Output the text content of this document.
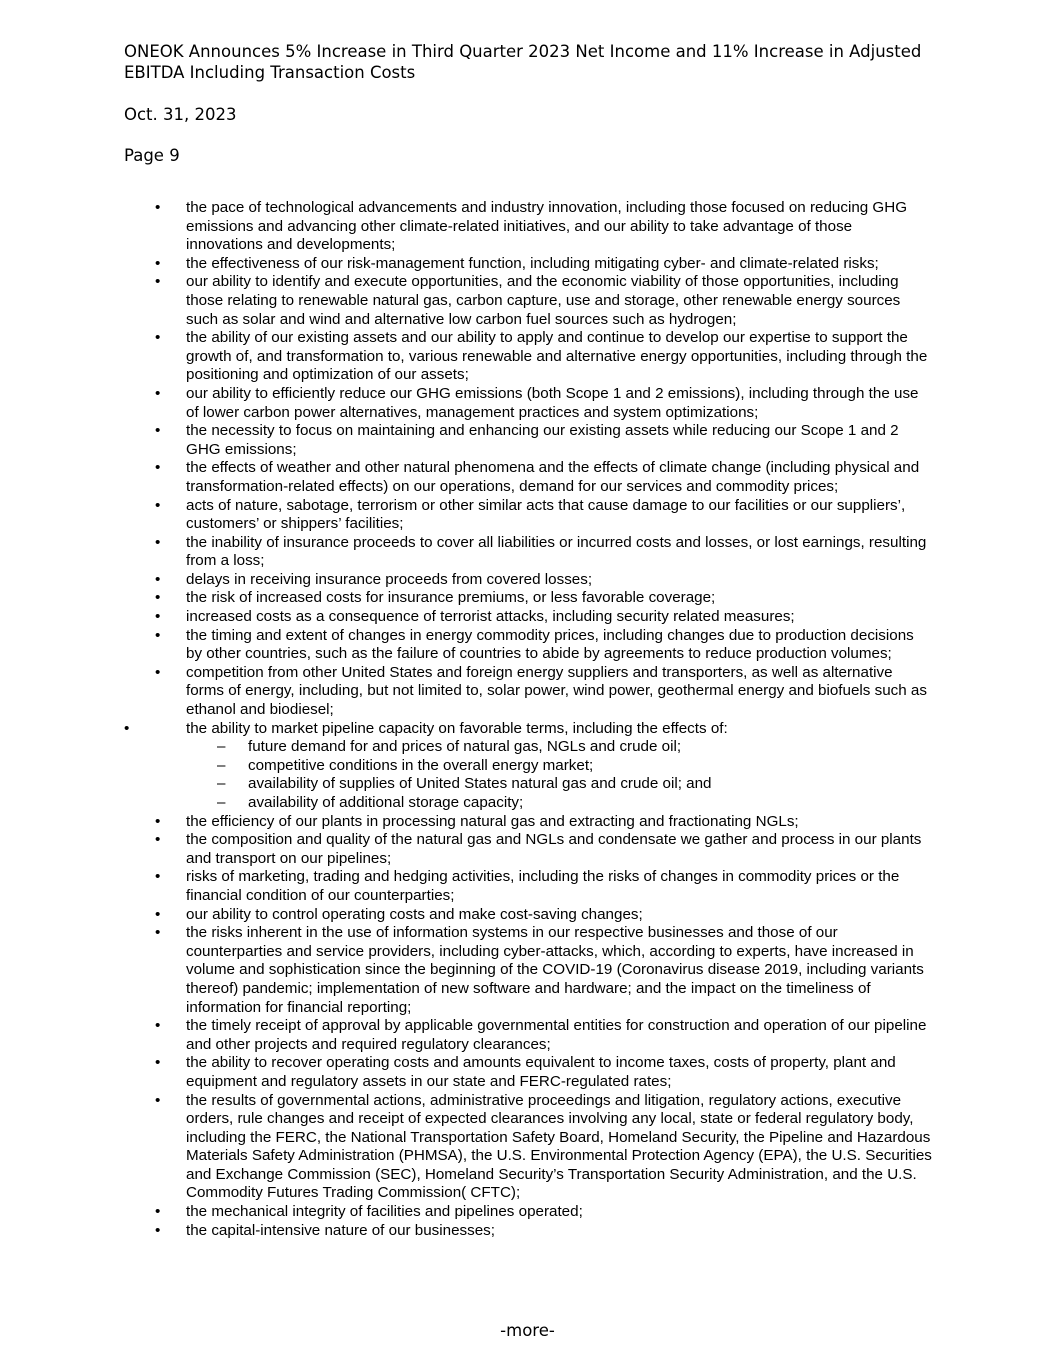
ONEOK Announces 5% Increase in Third Quarter 2023 Net Income and 11% Increase in Adjusted EBITDA Including Transaction Costs
Oct. 31, 2023
Page 9
• the pace of technological advancements and industry innovation, including those focused on reducing GHG emissions and advancing other climate-related initiatives, and our ability to take advantage of those innovations and developments;
• the effectiveness of our risk-management function, including mitigating cyber- and climate-related risks;
• our ability to identify and execute opportunities, and the economic viability of those opportunities, including those relating to renewable natural gas, carbon capture, use and storage, other renewable energy sources such as solar and wind and alternative low carbon fuel sources such as hydrogen;
• the ability of our existing assets and our ability to apply and continue to develop our expertise to support the growth of, and transformation to, various renewable and alternative energy opportunities, including through the positioning and optimization of our assets;
• our ability to efficiently reduce our GHG emissions (both Scope 1 and 2 emissions), including through the use of lower carbon power alternatives, management practices and system optimizations;
• the necessity to focus on maintaining and enhancing our existing assets while reducing our Scope 1 and 2 GHG emissions;
• the effects of weather and other natural phenomena and the effects of climate change (including physical and transformation-related effects) on our operations, demand for our services and commodity prices;
• acts of nature, sabotage, terrorism or other similar acts that cause damage to our facilities or our suppliers’, customers’ or shippers’ facilities;
• the inability of insurance proceeds to cover all liabilities or incurred costs and losses, or lost earnings, resulting from a loss;
• delays in receiving insurance proceeds from covered losses;
• the risk of increased costs for insurance premiums, or less favorable coverage;
• increased costs as a consequence of terrorist attacks, including security related measures;
• the timing and extent of changes in energy commodity prices, including changes due to production decisions by other countries, such as the failure of countries to abide by agreements to reduce production volumes;
• competition from other United States and foreign energy suppliers and transporters, as well as alternative forms of energy, including, but not limited to, solar power, wind power, geothermal energy and biofuels such as ethanol and biodiesel;
•	the ability to market pipeline capacity on favorable terms, including the effects of:
– future demand for and prices of natural gas, NGLs and crude oil;
– competitive conditions in the overall energy market;
– availability of supplies of United States natural gas and crude oil; and
– availability of additional storage capacity;
• the efficiency of our plants in processing natural gas and extracting and fractionating NGLs;
• the composition and quality of the natural gas and NGLs and condensate we gather and process in our plants and transport on our pipelines;
• risks of marketing, trading and hedging activities, including the risks of changes in commodity prices or the financial condition of our counterparties;
• our ability to control operating costs and make cost-saving changes;
• the risks inherent in the use of information systems in our respective businesses and those of our counterparties and service providers, including cyber-attacks, which, according to experts, have increased in volume and sophistication since the beginning of the COVID-19 (Coronavirus disease 2019, including variants thereof) pandemic; implementation of new software and hardware; and the impact on the timeliness of information for financial reporting;
• the timely receipt of approval by applicable governmental entities for construction and operation of our pipeline and other projects and required regulatory clearances;
• the ability to recover operating costs and amounts equivalent to income taxes, costs of property, plant and equipment and regulatory assets in our state and FERC-regulated rates;
• the results of governmental actions, administrative proceedings and litigation, regulatory actions, executive orders, rule changes and receipt of expected clearances involving any local, state or federal regulatory body, including the FERC, the National Transportation Safety Board, Homeland Security, the Pipeline and Hazardous Materials Safety Administration (PHMSA), the U.S. Environmental Protection Agency (EPA), the U.S. Securities and Exchange Commission (SEC), Homeland Security’s Transportation Security Administration, and the U.S. Commodity Futures Trading Commission( CFTC);
• the mechanical integrity of facilities and pipelines operated;
• the capital-intensive nature of our businesses;
-more-
